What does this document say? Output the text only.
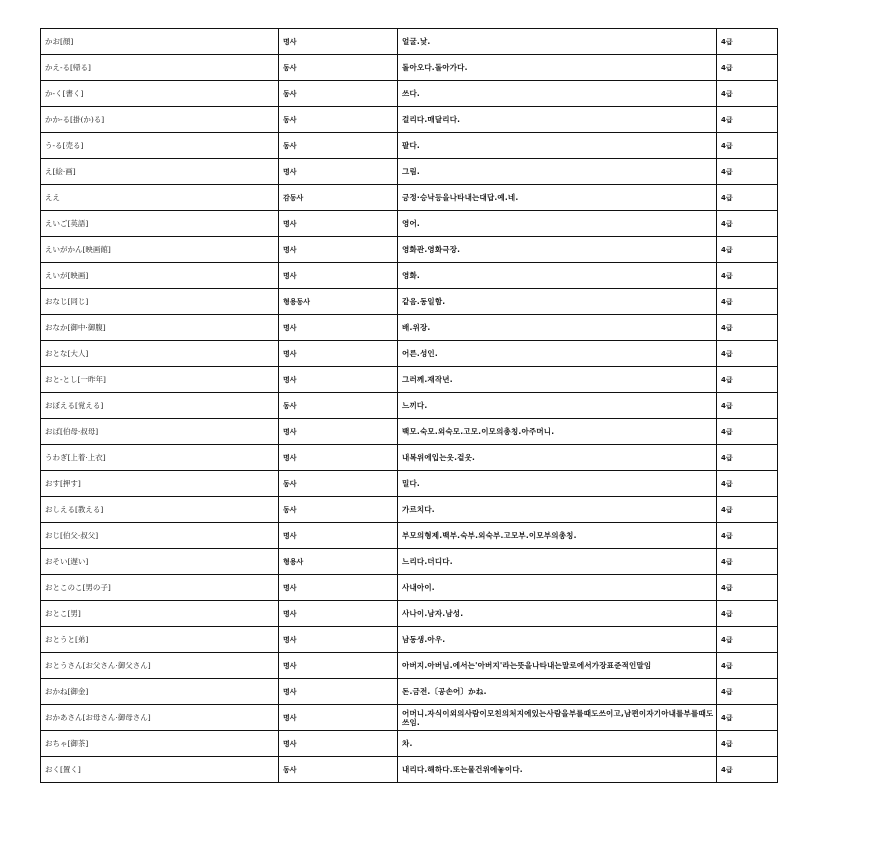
かお[顔]	명사	얼굴.낯.	4급
かえ-る[帰る]	동사	돌아오다.돌아가다.	4급
か-く[書く]	동사	쓰다.	4급
かか-る[掛(か)る]	동사	걸리다.매달리다.	4급
う-る[売る]	동사	팔다.	4급
え[絵·画]	명사	그림.	4급
ええ	감동사	긍정·승낙등을나타내는대답.예.네.	4급
えいご[英語]	명사	영어.	4급
えいがかん[映画館]	명사	영화관.영화극장.	4급
えいが[映画]	명사	영화.	4급
おなじ[同じ]	형용동사	같음.동일함.	4급
おなか[御中·御腹]	명사	배.위장.	4급
おとな[大人]	명사	어른.성인.	4급
おと-とし[一昨年]	명사	그러께.재작년.	4급
おぼえる[覚える]	동사	느끼다.	4급
おば[伯母·叔母]	명사	백모.숙모.외숙모.고모.이모의총칭.아주머니.	4급
うわぎ[上着·上衣]	명사	내복위에입는옷.겉옷.	4급
おす[押す]	동사	밀다.	4급
おしえる[教える]	동사	가르치다.	4급
おじ[伯父·叔父]	명사	부모의형제.백부.숙부.외숙부.고모부.이모부의총칭.	4급
おそい[遅い]	형용사	느리다.더디다.	4급
おとこのこ[男の子]	명사	사내아이.	4급
おとこ[男]	명사	사나이.남자.남성.	4급
おとうと[弟]	명사	남동생.아우.	4급
おとうさん[お父さん·御父さん]	명사	아버지.아버님.에서는'아버지'라는뜻을나타내는말로에서가장표준적인말임	4급
おかね[御金]	명사	돈.금전.〔공손어〕かね.	4급
おかあさん[お母さん·御母さん]	명사	어머니.자식이외의사람이모친의처지에있는사람을부를때도쓰이고,남편이자기아내를부를때도쓰임.	4급
おちゃ[御茶]	명사	차.	4급
おく[置く]	동사	내리다.해하다.또는물건위에놓이다.	4급
